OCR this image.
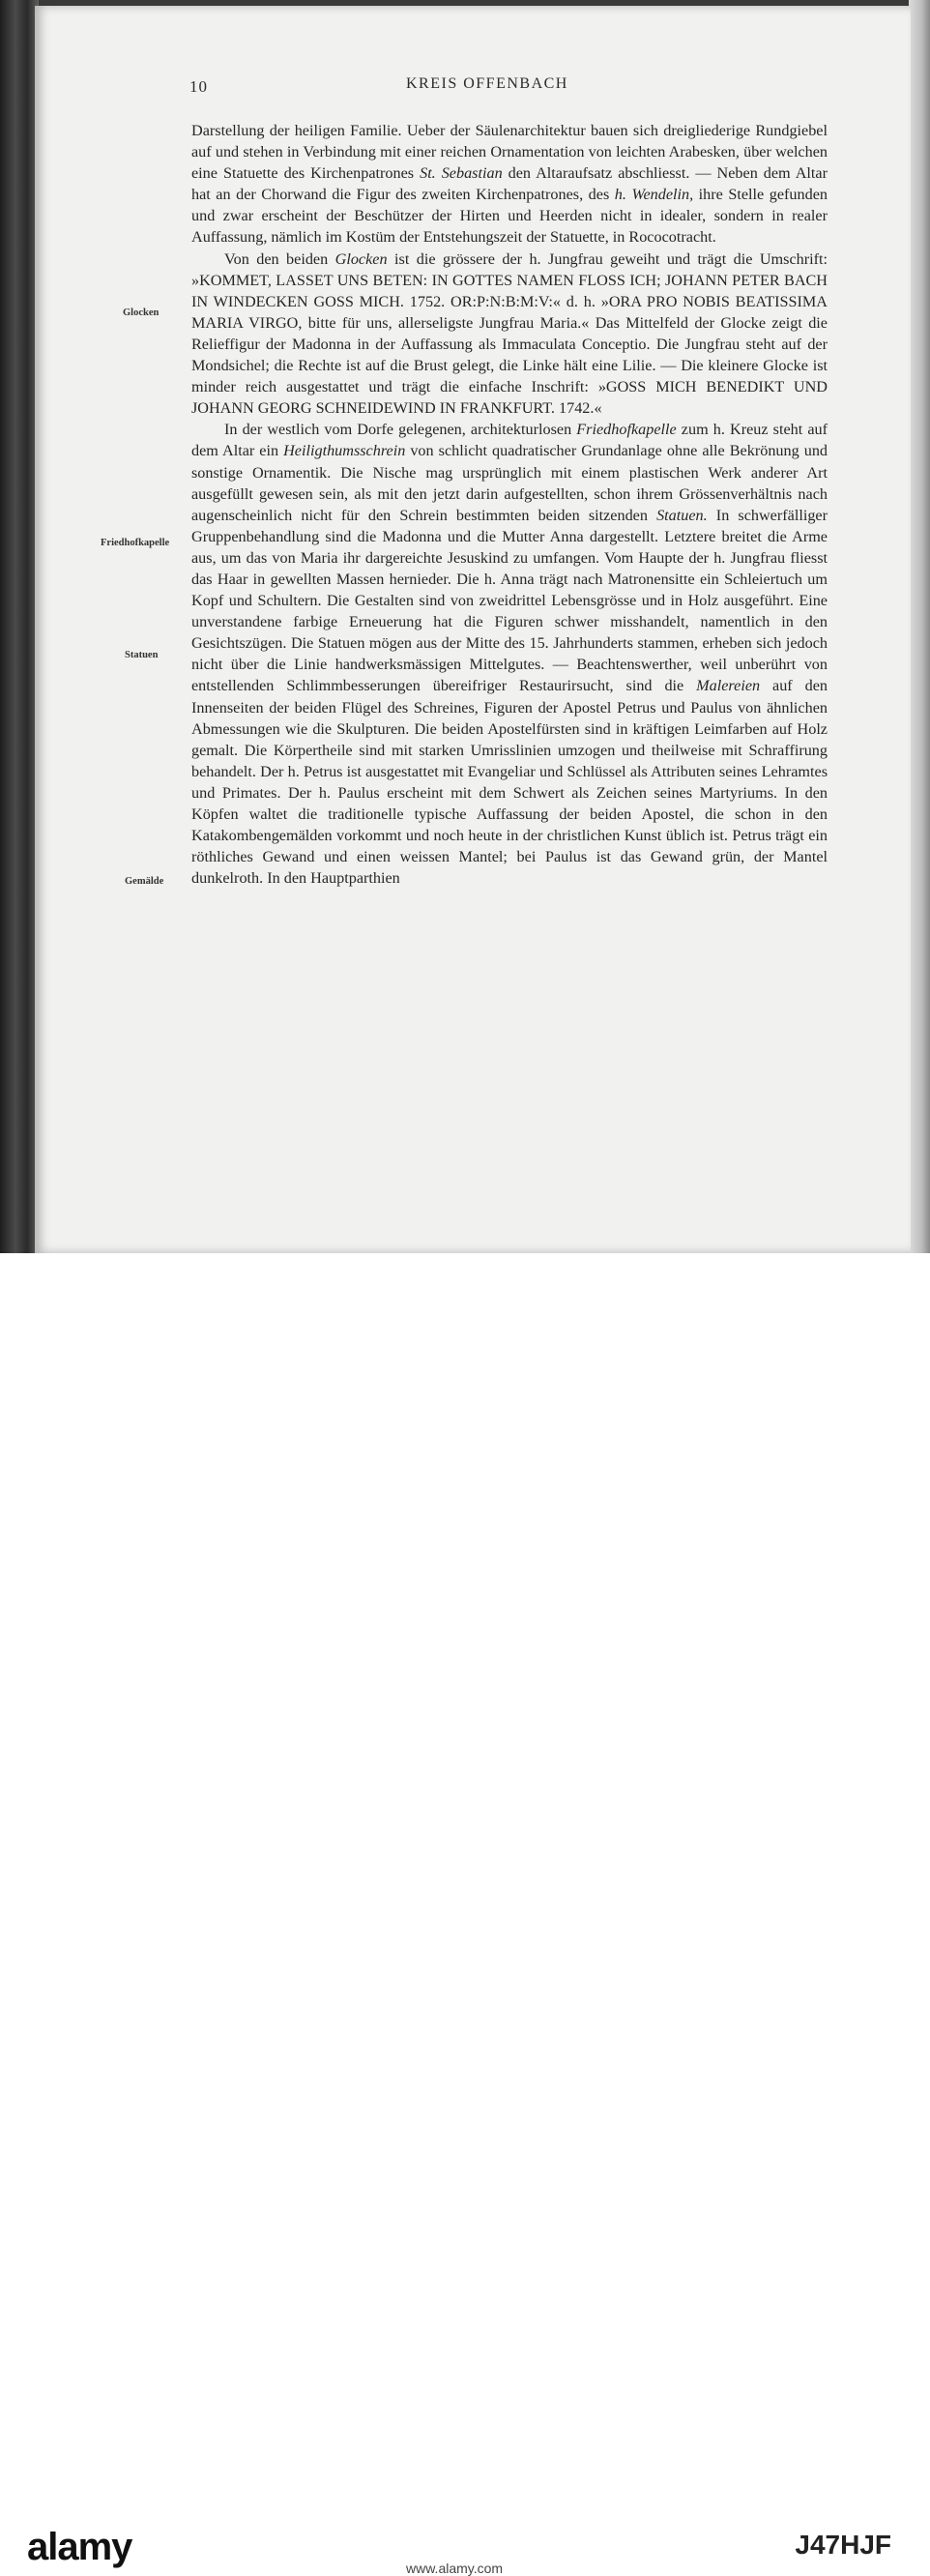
10	KREIS OFFENBACH
Glocken
Friedhofkapelle
Statuen
Gemälde

Darstellung der heiligen Familie. Ueber der Säulenarchitektur bauen sich dreigliederige Rundgiebel auf und stehen in Verbindung mit einer reichen Ornamentation von leichten Arabesken, über welchen eine Statuette des Kirchenpatrones St. Sebastian den Altaraufsatz abschliesst. — Neben dem Altar hat an der Chorwand die Figur des zweiten Kirchenpatrones, des h. Wendelin, ihre Stelle gefunden und zwar erscheint der Beschützer der Hirten und Heerden nicht in idealer, sondern in realer Auffassung, nämlich im Kostüm der Entstehungszeit der Statuette, in Rococotracht.

Von den beiden Glocken ist die grössere der h. Jungfrau geweiht und trägt die Umschrift: »KOMMET, LASSET UNS BETEN: IN GOTTES NAMEN FLOSS ICH; JOHANN PETER BACH IN WINDECKEN GOSS MICH. 1752. OR:P:N:B:M:V:« d. h. »ORA PRO NOBIS BEATISSIMA MARIA VIRGO, bitte für uns, allerseligste Jungfrau Maria.« Das Mittelfeld der Glocke zeigt die Relieffigur der Madonna in der Auffassung als Immaculata Conceptio. Die Jungfrau steht auf der Mondsichel; die Rechte ist auf die Brust gelegt, die Linke hält eine Lilie. — Die kleinere Glocke ist minder reich ausgestattet und trägt die einfache Inschrift: »GOSS MICH BENEDIKT UND JOHANN GEORG SCHNEIDEWIND IN FRANKFURT. 1742.«

In der westlich vom Dorfe gelegenen, architekturlosen Friedhofkapelle zum h. Kreuz steht auf dem Altar ein Heiligthumsschrein von schlicht quadratischer Grundanlage ohne alle Bekrönung und sonstige Ornamentik. Die Nische mag ursprünglich mit einem plastischen Werk anderer Art ausgefüllt gewesen sein, als mit den jetzt darin aufgestellten, schon ihrem Grössenverhältnis nach augenscheinlich nicht für den Schrein bestimmten beiden sitzenden Statuen. In schwerfälliger Gruppenbehandlung sind die Madonna und die Mutter Anna dargestellt. Letztere breitet die Arme aus, um das von Maria ihr dargereichte Jesuskind zu umfangen. Vom Haupte der h. Jungfrau fliesst das Haar in gewellten Massen hernieder. Die h. Anna trägt nach Matronensitte ein Schleiertuch um Kopf und Schultern. Die Gestalten sind von zweidrittel Lebensgrösse und in Holz ausgeführt. Eine unverstandene farbige Erneuerung hat die Figuren schwer misshandelt, namentlich in den Gesichtszügen. Die Statuen mögen aus der Mitte des 15. Jahrhunderts stammen, erheben sich jedoch nicht über die Linie handwerksmässigen Mittelgutes. — Beachtenswerther, weil unberührt von entstellenden Schlimmbesserungen übereifriger Restaurirsucht, sind die Malereien auf den Innenseiten der beiden Flügel des Schreines, Figuren der Apostel Petrus und Paulus von ähnlichen Abmessungen wie die Skulpturen. Die beiden Apostelfürsten sind in kräftigen Leimfarben auf Holz gemalt. Die Körpertheile sind mit starken Umrisslinien umzogen und theilweise mit Schraffirung behandelt. Der h. Petrus ist ausgestattet mit Evangeliar und Schlüssel als Attributen seines Lehramtes und Primates. Der h. Paulus erscheint mit dem Schwert als Zeichen seines Martyriums. In den Köpfen waltet die traditionelle typische Auffassung der beiden Apostel, die schon in den Katakombengemälden vorkommt und noch heute in der christlichen Kunst üblich ist. Petrus trägt ein röthliches Gewand und einen weissen Mantel; bei Paulus ist das Gewand grün, der Mantel dunkelroth. In den Hauptparthien

alamy	www.alamy.com
J47HJF
